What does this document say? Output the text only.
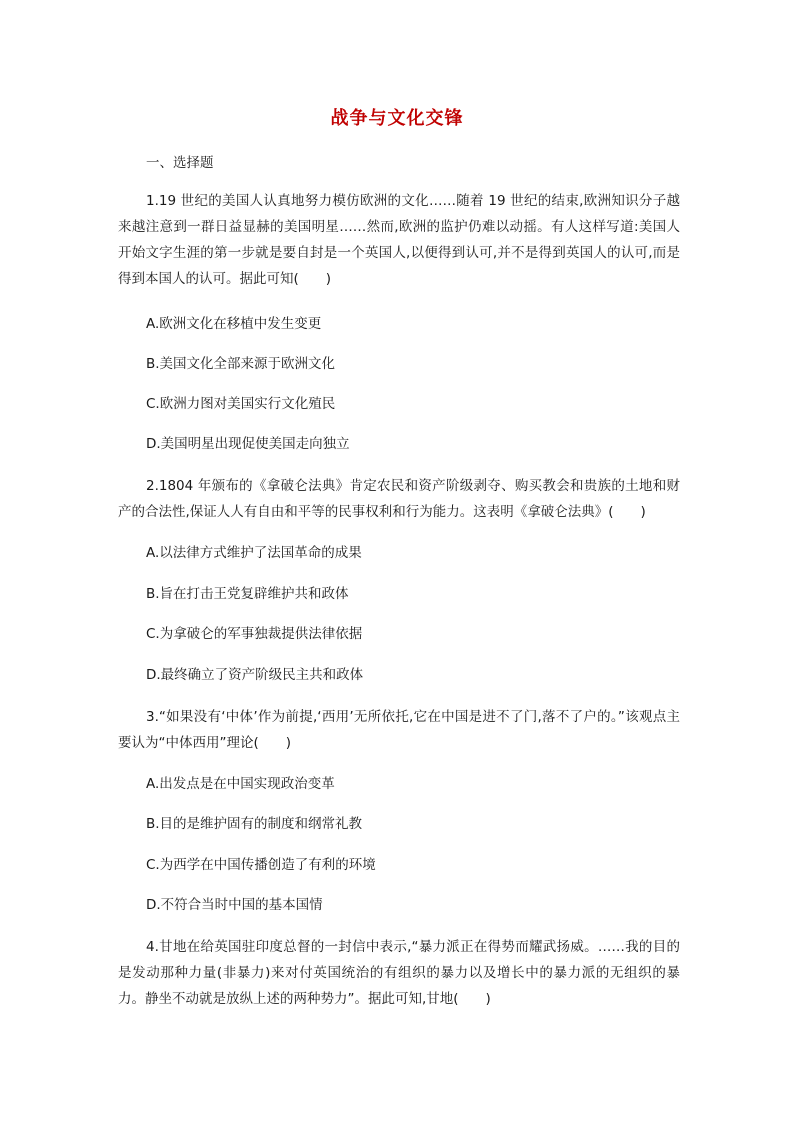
战争与文化交锋
一、选择题
1.19 世纪的美国人认真地努力模仿欧洲的文化……随着 19 世纪的结束,欧洲知识分子越来越注意到一群日益显赫的美国明星……然而,欧洲的监护仍难以动摇。有人这样写道:美国人开始文字生涯的第一步就是要自封是一个英国人,以便得到认可,并不是得到英国人的认可,而是得到本国人的认可。据此可知(　　)
A.欧洲文化在移植中发生变更
B.美国文化全部来源于欧洲文化
C.欧洲力图对美国实行文化殖民
D.美国明星出现促使美国走向独立
2.1804 年颁布的《拿破仑法典》肯定农民和资产阶级剥夺、购买教会和贵族的土地和财产的合法性,保证人人有自由和平等的民事权利和行为能力。这表明《拿破仑法典》(　　)
A.以法律方式维护了法国革命的成果
B.旨在打击王党复辟维护共和政体
C.为拿破仑的军事独裁提供法律依据
D.最终确立了资产阶级民主共和政体
3.“如果没有‘中体’作为前提,‘西用’无所依托,它在中国是进不了门,落不了户的。”该观点主要认为“中体西用”理论(　　)
A.出发点是在中国实现政治变革
B.目的是维护固有的制度和纲常礼教
C.为西学在中国传播创造了有利的环境
D.不符合当时中国的基本国情
4.甘地在给英国驻印度总督的一封信中表示,“暴力派正在得势而耀武扬威。……我的目的是发动那种力量(非暴力)来对付英国统治的有组织的暴力以及增长中的暴力派的无组织的暴力。静坐不动就是放纵上述的两种势力”。据此可知,甘地(　　)
